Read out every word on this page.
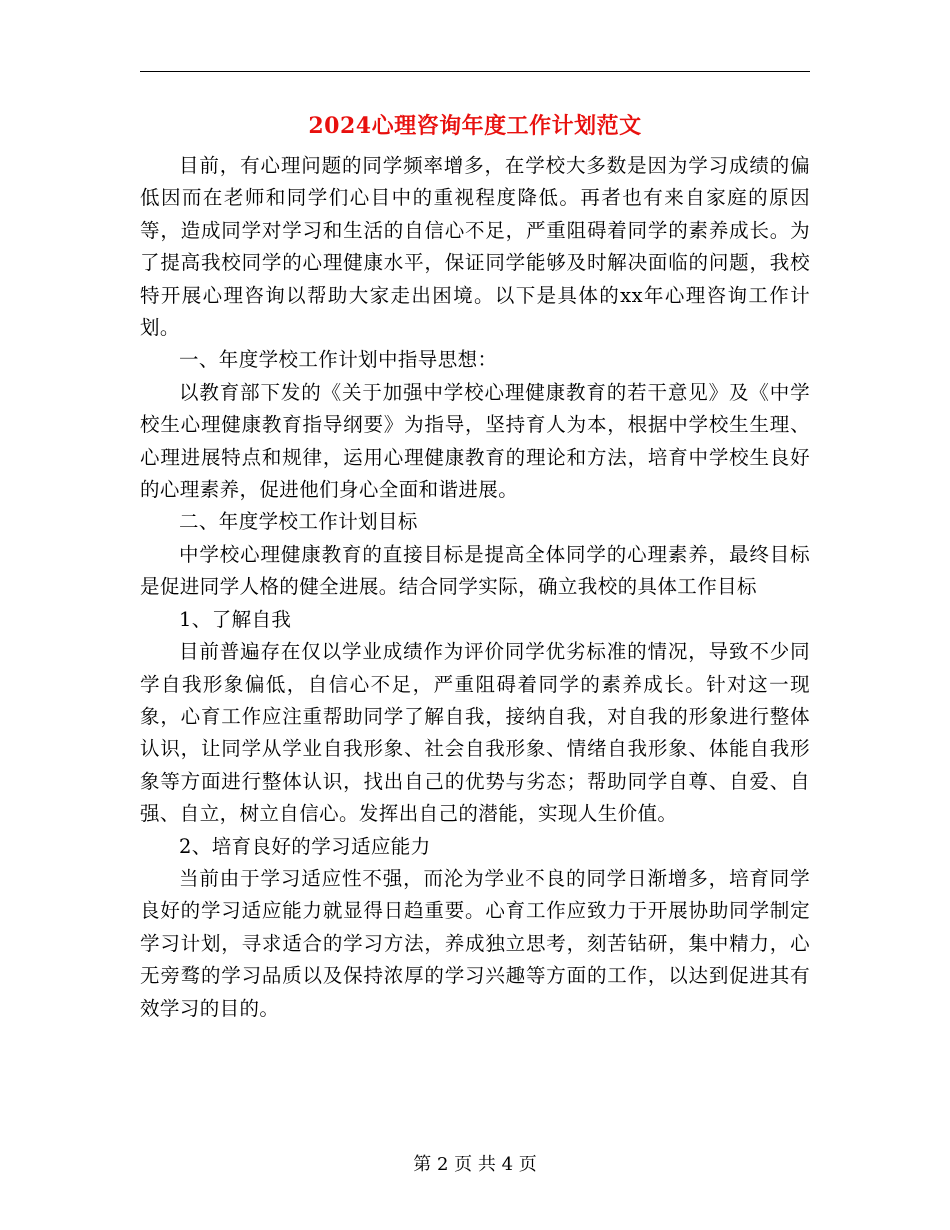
2024心理咨询年度工作计划范文

目前，有心理问题的同学频率增多，在学校大多数是因为学习成绩的偏低因而在老师和同学们心目中的重视程度降低。再者也有来自家庭的原因等，造成同学对学习和生活的自信心不足，严重阻碍着同学的素养成长。为了提高我校同学的心理健康水平，保证同学能够及时解决面临的问题，我校特开展心理咨询以帮助大家走出困境。以下是具体的xx年心理咨询工作计划。

一、年度学校工作计划中指导思想：

以教育部下发的《关于加强中学校心理健康教育的若干意见》及《中学校生心理健康教育指导纲要》为指导，坚持育人为本，根据中学校生生理、心理进展特点和规律，运用心理健康教育的理论和方法，培育中学校生良好的心理素养，促进他们身心全面和谐进展。

二、年度学校工作计划目标

中学校心理健康教育的直接目标是提高全体同学的心理素养，最终目标是促进同学人格的健全进展。结合同学实际，确立我校的具体工作目标

1、了解自我

目前普遍存在仅以学业成绩作为评价同学优劣标准的情况，导致不少同学自我形象偏低，自信心不足，严重阻碍着同学的素养成长。针对这一现象，心育工作应注重帮助同学了解自我，接纳自我，对自我的形象进行整体认识，让同学从学业自我形象、社会自我形象、情绪自我形象、体能自我形象等方面进行整体认识，找出自己的优势与劣态；帮助同学自尊、自爱、自强、自立，树立自信心。发挥出自己的潜能，实现人生价值。

2、培育良好的学习适应能力

当前由于学习适应性不强，而沦为学业不良的同学日渐增多，培育同学良好的学习适应能力就显得日趋重要。心育工作应致力于开展协助同学制定学习计划，寻求适合的学习方法，养成独立思考，刻苦钻研，集中精力，心无旁骛的学习品质以及保持浓厚的学习兴趣等方面的工作，以达到促进其有效学习的目的。

第 2 页 共 4 页
